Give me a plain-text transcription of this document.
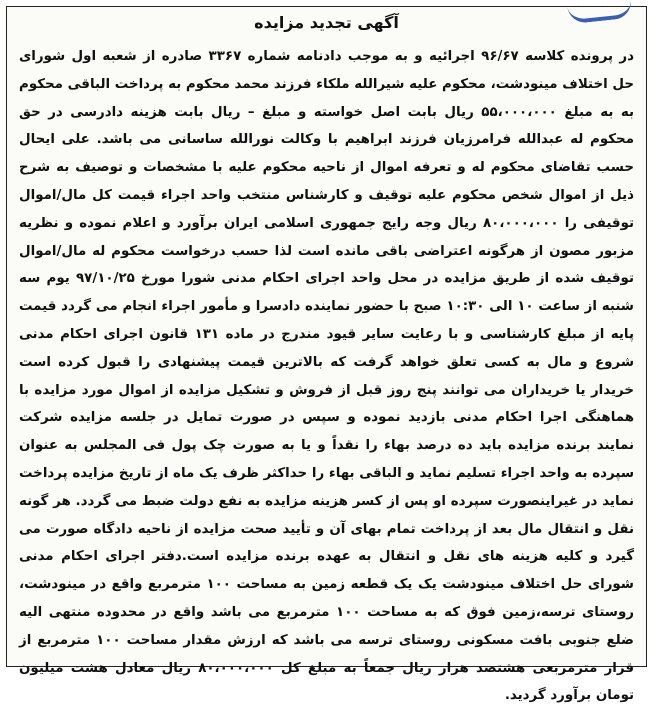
آگهی تجدید مزایده
در پرونده کلاسه ۹۶/۶۷ اجرائیه و به موجب دادنامه شماره ۳۳۶۷ صادره از شعبه اول شورای حل اختلاف مینودشت، محکوم علیه شیرالله ملکاء فرزند محمد محکوم به پرداخت الباقی محکوم به به مبلغ ۵۵،۰۰۰،۰۰۰ ریال بابت اصل خواسته و مبلغ – ریال بابت هزینه دادرسی در حق محکوم له عبدالله فرامرزیان فرزند ابراهیم با وکالت نورالله ساسانی می باشد. علی ایحال حسب تقاضای محکوم له و تعرفه اموال از ناحیه محکوم علیه با مشخصات و توصیف به شرح ذیل از اموال شخص محکوم علیه توقیف و کارشناس منتخب واحد اجراء قیمت کل مال/اموال توقیفی را ۸۰،۰۰۰،۰۰۰ ریال وجه رایج جمهوری اسلامی ایران برآورد و اعلام نموده و نظریه مزبور مصون از هرگونه اعتراضی باقی مانده است لذا حسب درخواست محکوم له مال/اموال توقیف شده از طریق مزایده در محل واحد اجرای احکام مدنی شورا مورخ ۹۷/۱۰/۲۵ یوم سه شنبه از ساعت ۱۰ الی ۱۰:۳۰ صبح با حضور نماینده دادسرا و مأمور اجراء انجام می گردد قیمت پایه از مبلغ کارشناسی و با رعایت سایر قیود مندرج در ماده ۱۳۱ قانون اجرای احکام مدنی شروع و مال به کسی تعلق خواهد گرفت که بالاترین قیمت پیشنهادی را قبول کرده است خریدار یا خریداران می توانند پنج روز قبل از فروش و تشکیل مزایده از اموال مورد مزایده با هماهنگی اجرا احکام مدنی بازدید نموده و سپس در صورت تمایل در جلسه مزایده شرکت نمایند برنده مزایده باید ده درصد بهاء را نقداً و یا به صورت چک پول فی المجلس به عنوان سپرده به واحد اجراء تسلیم نماید و الباقی بهاء را حداکثر ظرف یک ماه از تاریخ مزایده پرداخت نماید در غیراینصورت سپرده او پس از کسر هزینه مزایده به نفع دولت ضبط می گردد. هر گونه نقل و انتقال مال بعد از پرداخت تمام بهای آن و تأیید صحت مزایده از ناحیه دادگاه صورت می گیرد و کلیه هزینه های نقل و انتقال به عهده برنده مزایده است.دفتر اجرای احکام مدنی شورای حل اختلاف مینودشت یک یک قطعه زمین به مساحت ۱۰۰ مترمربع واقع در مینودشت، روستای ترسه،زمین فوق که به مساحت ۱۰۰ مترمربع می باشد واقع در محدوده منتهی الیه ضلع جنوبی بافت مسکونی روستای ترسه می باشد که ارزش مقدار مساحت ۱۰۰ مترمربع از قرار مترمربعی هشتصد هزار ریال جمعاً به مبلغ کل ۸۰،۰۰۰،۰۰۰ ریال معادل هشت میلیون تومان برآورد گردید.
